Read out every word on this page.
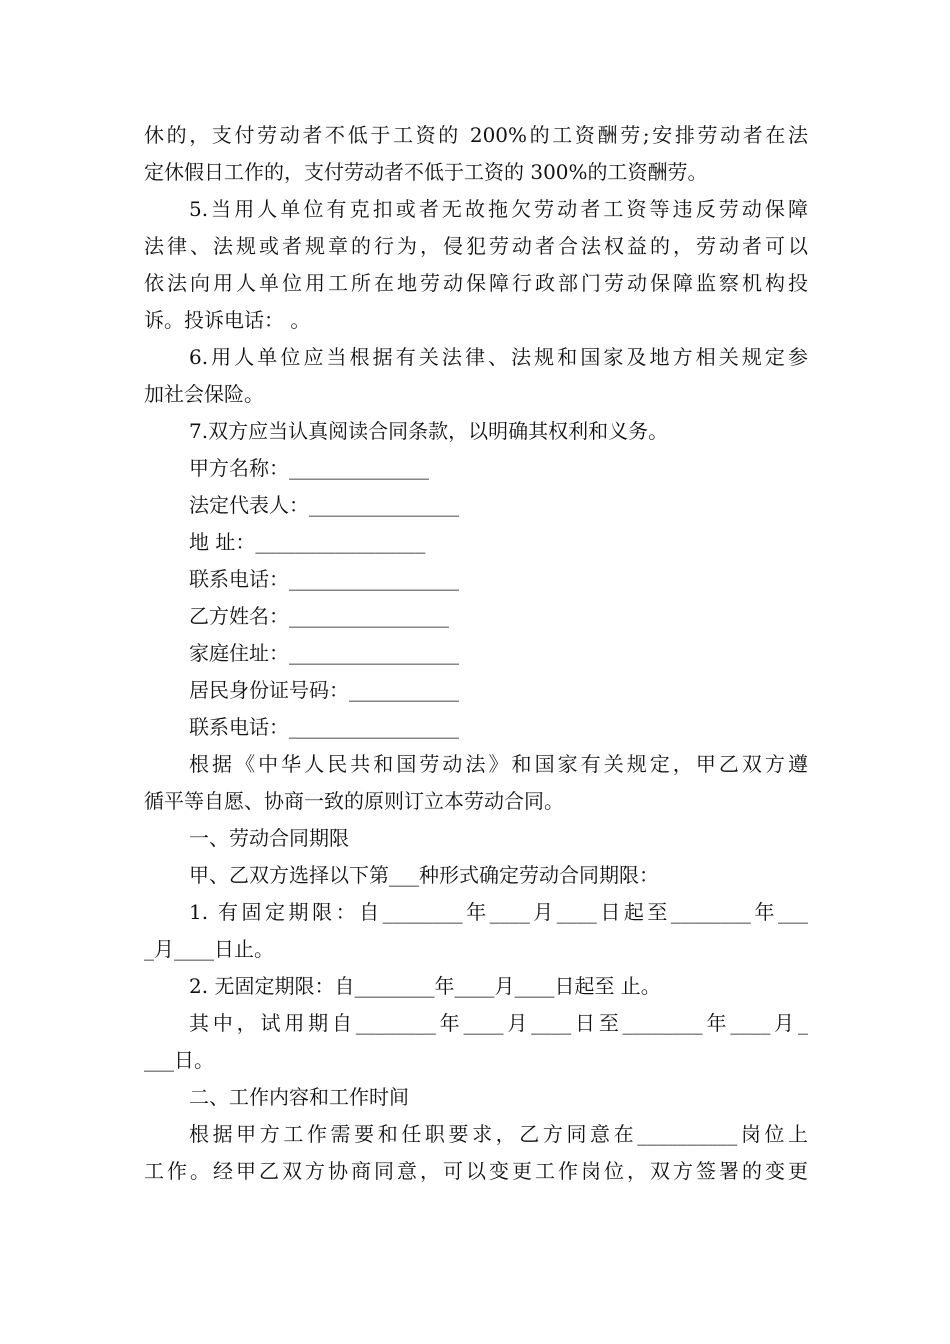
休的，支付劳动者不低于工资的 200%的工资酬劳;安排劳动者在法
定休假日工作的，支付劳动者不低于工资的 300%的工资酬劳。
5.当用人单位有克扣或者无故拖欠劳动者工资等违反劳动保障
法律、法规或者规章的行为，侵犯劳动者合法权益的，劳动者可以
依法向用人单位用工所在地劳动保障行政部门劳动保障监察机构投
诉。投诉电话： 。
6.用人单位应当根据有关法律、法规和国家及地方相关规定参
加社会保险。
7.双方应当认真阅读合同条款，以明确其权利和义务。
甲方名称：______________
法定代表人：_______________
地 址：_________________
联系电话：_________________
乙方姓名：________________
家庭住址：_________________
居民身份证号码：___________
联系电话：_________________
根据《中华人民共和国劳动法》和国家有关规定，甲乙双方遵
循平等自愿、协商一致的原则订立本劳动合同。
一、劳动合同期限
甲、乙双方选择以下第___种形式确定劳动合同期限：
1. 有固定期限：自________年____月____日起至________年___
_月____日止。
2. 无固定期限：自________年____月____日起至 止。
其中，试用期自________年____月____日至________年____月_
___日。
二、工作内容和工作时间
根据甲方工作需要和任职要求，乙方同意在__________岗位上
工作。经甲乙双方协商同意，可以变更工作岗位，双方签署的变更
